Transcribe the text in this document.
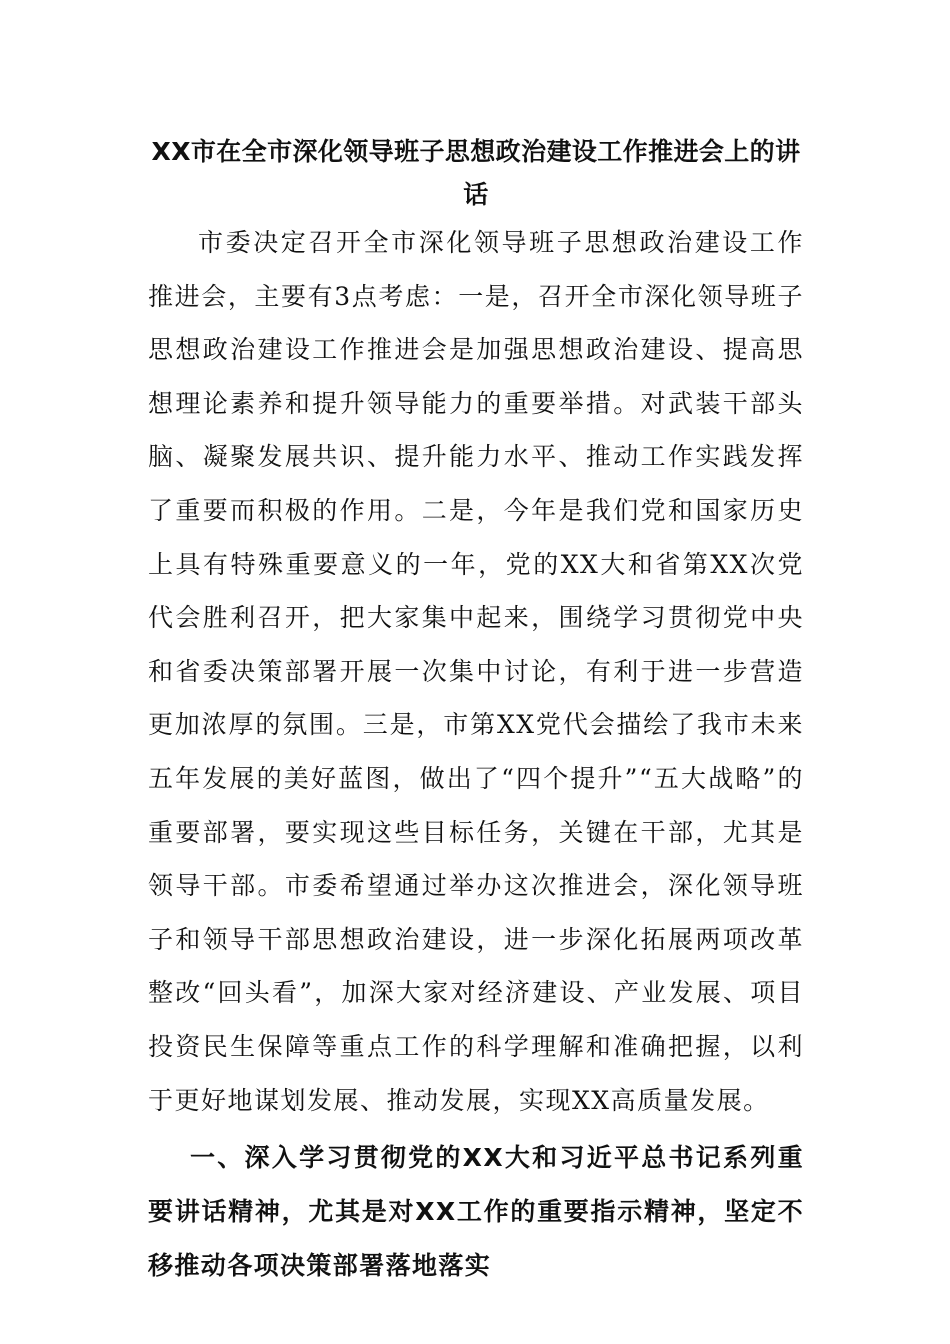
XX市在全市深化领导班子思想政治建设工作推进会上的讲话

市委决定召开全市深化领导班子思想政治建设工作推进会，主要有3点考虑：一是，召开全市深化领导班子思想政治建设工作推进会是加强思想政治建设、提高思想理论素养和提升领导能力的重要举措。对武装干部头脑、凝聚发展共识、提升能力水平、推动工作实践发挥了重要而积极的作用。二是，今年是我们党和国家历史上具有特殊重要意义的一年，党的XX大和省第XX次党代会胜利召开，把大家集中起来，围绕学习贯彻党中央和省委决策部署开展一次集中讨论，有利于进一步营造更加浓厚的氛围。三是，市第XX党代会描绘了我市未来五年发展的美好蓝图，做出了“四个提升”“五大战略”的重要部署，要实现这些目标任务，关键在干部，尤其是领导干部。市委希望通过举办这次推进会，深化领导班子和领导干部思想政治建设，进一步深化拓展两项改革整改“回头看”，加深大家对经济建设、产业发展、项目投资民生保障等重点工作的科学理解和准确把握，以利于更好地谋划发展、推动发展，实现XX高质量发展。

一、深入学习贯彻党的XX大和习近平总书记系列重要讲话精神，尤其是对XX工作的重要指示精神，坚定不移推动各项决策部署落地落实
